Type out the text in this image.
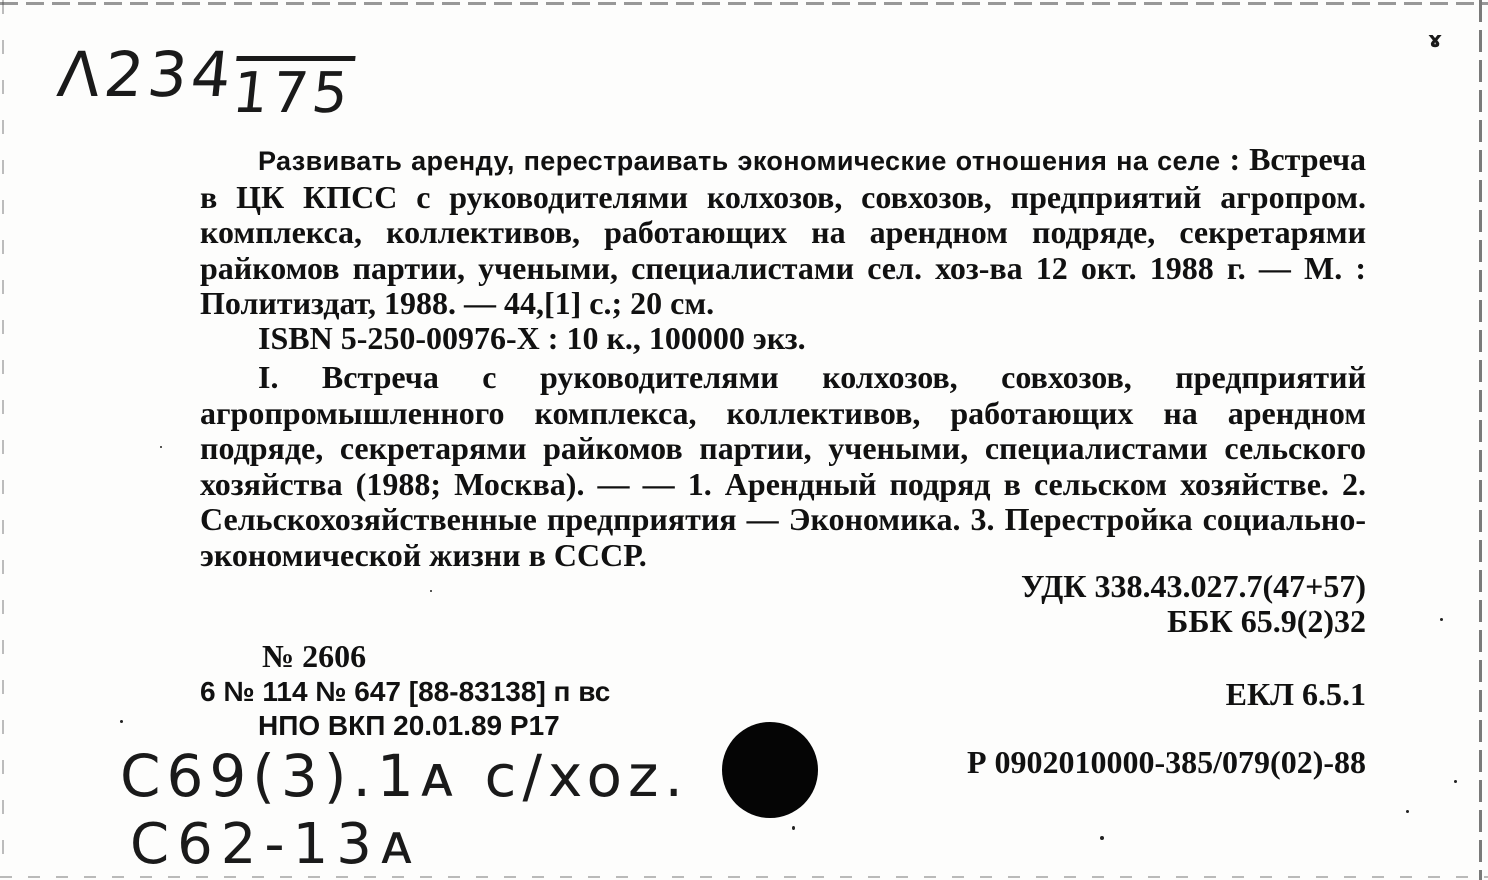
Λ234175
ɤ

Развивать аренду, перестраивать экономические отношения на селе : Встреча в ЦК КПСС с руководителями колхозов, совхозов, предприятий агропром. комплекса, коллективов, работающих на арендном подряде, секретарями райкомов партии, учеными, специалистами сел. хоз-ва 12 окт. 1988 г. — М. : Политиздат, 1988. — 44,[1] с.; 20 см.

ISBN 5-250-00976-X : 10 к., 100000 экз.

I. Встреча с руководителями колхозов, совхозов, предприятий агропромышленного комплекса, коллективов, работающих на арендном подряде, секретарями райкомов партии, учеными, специалистами сельского хозяйства (1988; Москва). — — 1. Арендный подряд в сельском хозяйстве. 2. Сельскохозяйственные предприятия — Экономика. 3. Перестройка социально-экономической жизни в СССР.

УДК 338.43.027.7(47+57)
ББК 65.9(2)32
№ 2606
6 № 114 № 647 [88-83138] п вс
НПО ВКП 20.01.89 Р17
ЕКЛ 6.5.1
Р 0902010000-385/079(02)-88
C69(3).1ᴀ c/xoz.
C62-13ᴀ
